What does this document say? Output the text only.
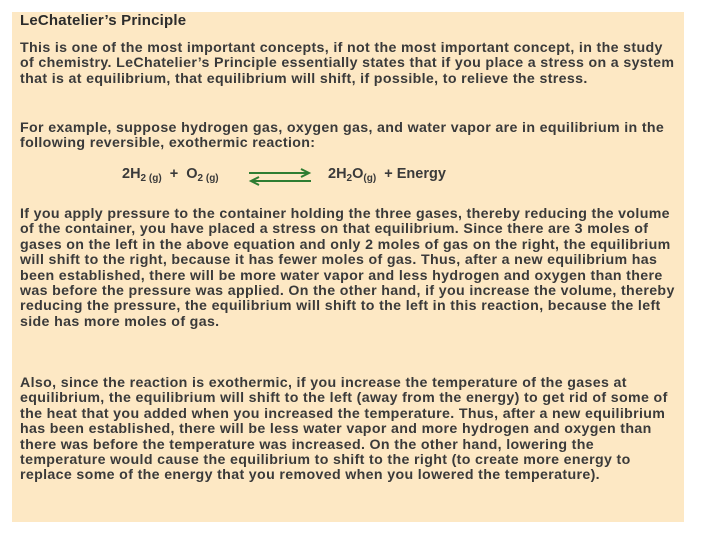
LeChatelier’s Principle

This is one of the most important concepts, if not the most important concept, in the study of chemistry. LeChatelier’s Principle essentially states that if you place a stress on a system that is at equilibrium, that equilibrium will shift, if possible, to relieve the stress.

For example, suppose hydrogen gas, oxygen gas, and water vapor are in equilibrium in the following reversible, exothermic reaction:

$2H_2$ $_{(g)} + O_2$ $_{(g)}$	$2H_2O_{(g)}$  + Energy

If you apply pressure to the container holding the three gases, thereby reducing the volume of the container, you have placed a stress on that equilibrium. Since there are 3 moles of gases on the left in the above equation and only 2 moles of gas on the right, the equilibrium will shift to the right, because it has fewer moles of gas. Thus, after a new equilibrium has been established, there will be more water vapor and less hydrogen and oxygen than there was before the pressure was applied. On the other hand, if you increase the volume, thereby reducing the pressure, the equilibrium will shift to the left in this reaction, because the left side has more moles of gas.

Also, since the reaction is exothermic, if you increase the temperature of the gases at equilibrium, the equilibrium will shift to the left (away from the energy) to get rid of some of the heat that you added when you increased the temperature. Thus, after a new equilibrium has been established, there will be less water vapor and more hydrogen and oxygen than there was before the temperature was increased. On the other hand, lowering the temperature would cause the equilibrium to shift to the right (to create more energy to replace some of the energy that you removed when you lowered the temperature).
